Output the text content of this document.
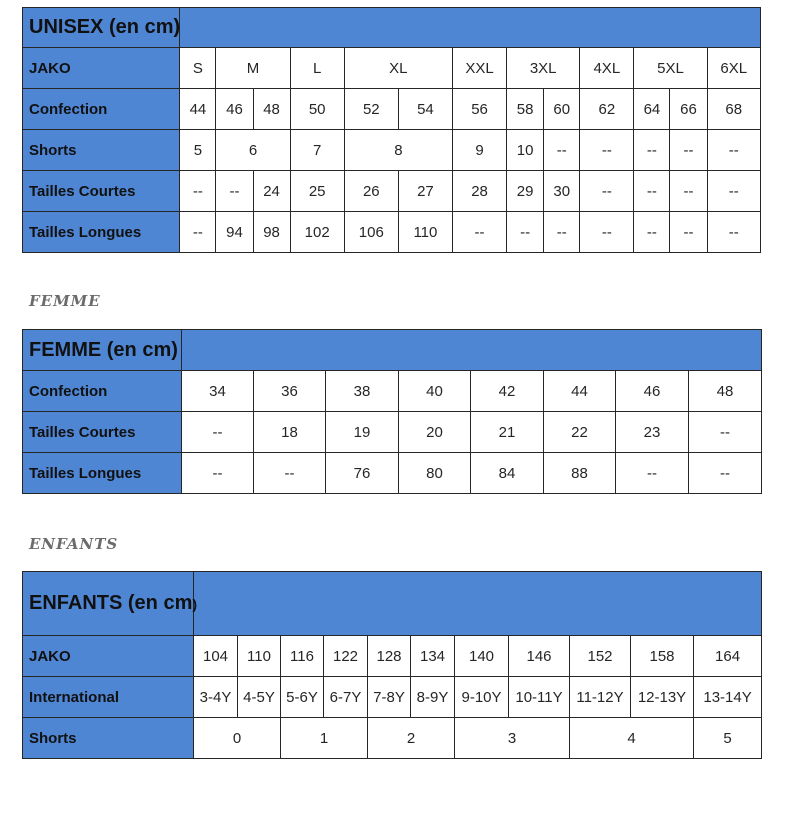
UNISEX (en cm)													
JAKO	S	M		L	XL		XXL	3XL		4XL	5XL		6XL
Confection	44	46	48	50	52	54	56	58	60	62	64	66	68
Shorts	5	6		7	8		9	10	--	--	--	--	--
Tailles Courtes	--	--	24	25	26	27	28	29	30	--	--	--	--
Tailles Longues	--	94	98	102	106	110	--	--	--	--	--	--	--
FEMME
FEMME (en cm)								
Confection	34	36	38	40	42	44	46	48
Tailles Courtes	--	18	19	20	21	22	23	--
Tailles Longues	--	--	76	80	84	88	--	--
ENFANTS
ENFANTS (en cm)											
JAKO	104	110	116	122	128	134	140	146	152	158	164
International	3-4Y	4-5Y	5-6Y	6-7Y	7-8Y	8-9Y	9-10Y	10-11Y	11-12Y	12-13Y	13-14Y
Shorts	0		1		2		3		4		5
